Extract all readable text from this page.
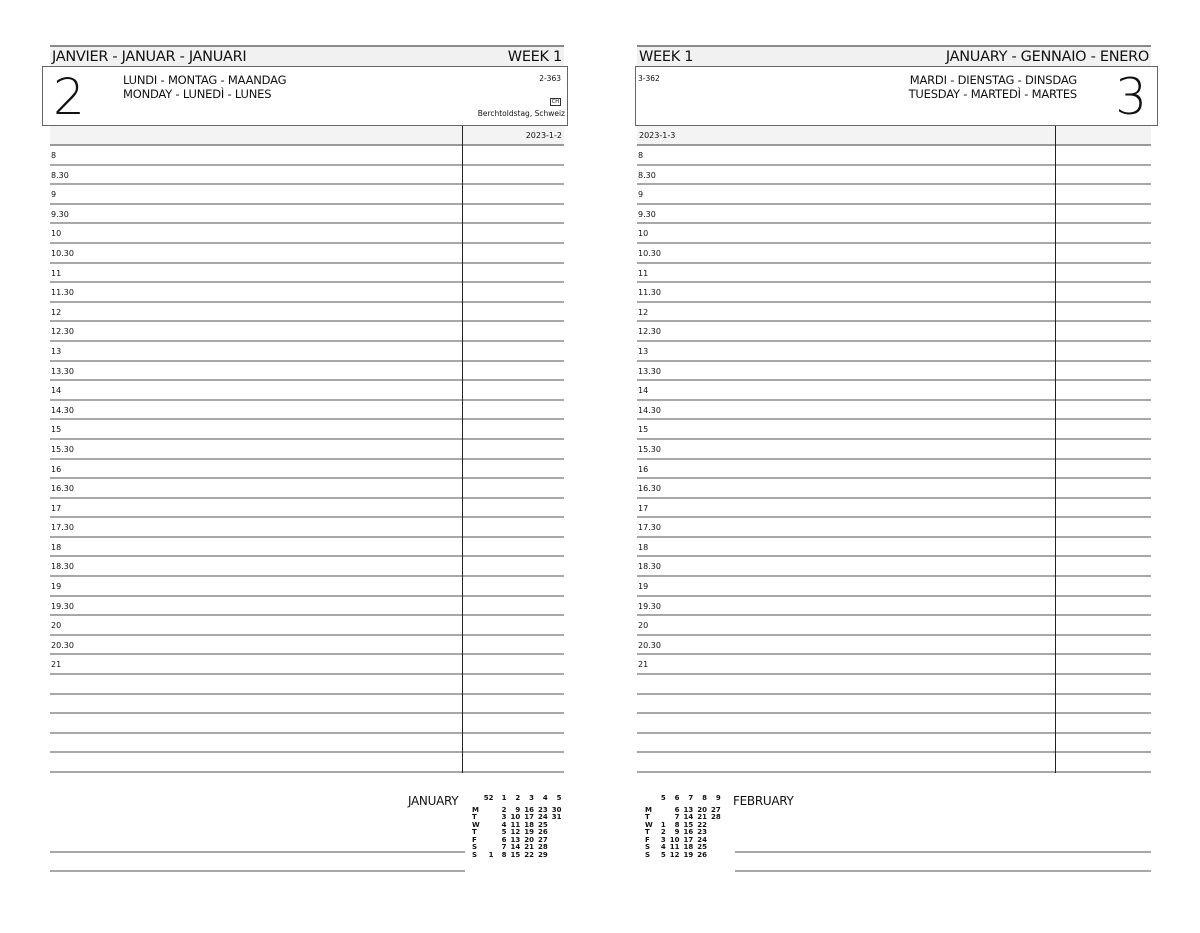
JANVIER - JANUAR - JANUARI	WEEK 1
2	LUNDI - MONTAG - MAANDAG
MONDAY - LUNEDÌ - LUNES
2-363
CH
Berchtoldstag, Schweiz
2023-1-2
8
8.30
9
9.30
10
10.30
11
11.30
12
12.30
13
13.30
14
14.30
15
15.30
16
16.30
17
17.30
18
18.30
19
19.30
20
20.30
21
JANUARY
		52	1	2	3	4	5

M		2	9	16	23	30
T		3	10	17	24	31
W		4	11	18	25	
T		5	12	19	26	
F		6	13	20	27	
S		7	14	21	28	
S	1	8	15	22	29	
WEEK 1	JANUARY - GENNAIO - ENERO
3-362	MARDI - DIENSTAG - DINSDAG
TUESDAY - MARTEDÌ - MARTES 3
2023-1-3
8
8.30
9
9.30
10
10.30
11
11.30
12
12.30
13
13.30
14
14.30
15
15.30
16
16.30
17
17.30
18
18.30
19
19.30
20
20.30
21
	5	6	7	8	9

M		6	13	20	27
T		7	14	21	28
W	1	8	15	22	
T	2	9	16	23	
F	3	10	17	24	
S	4	11	18	25	
S	5	12	19	26	
FEBRUARY
